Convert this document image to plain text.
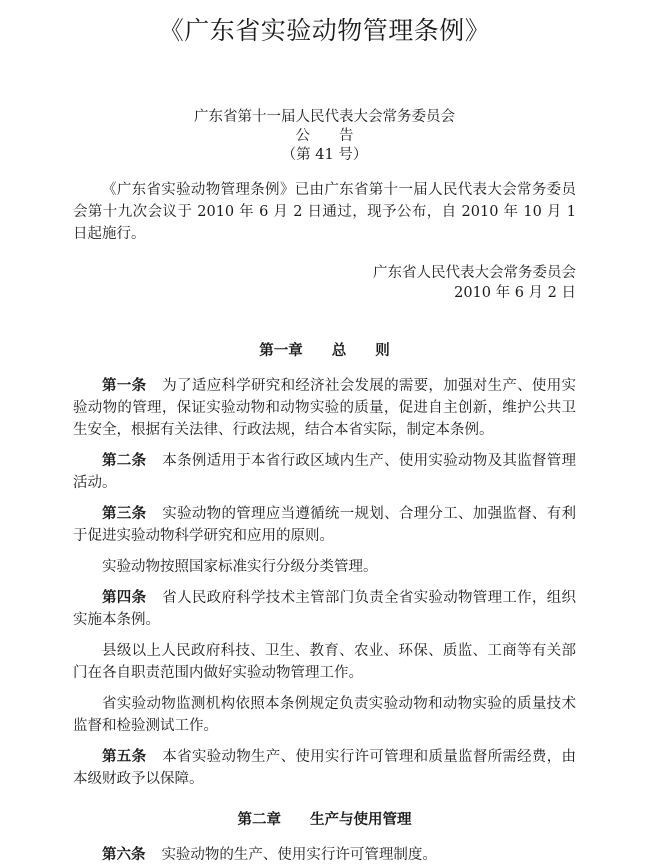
《广东省实验动物管理条例》
广东省第十一届人民代表大会常务委员会
公　　告
（第 41 号）
《广东省实验动物管理条例》已由广东省第十一届人民代表大会常务委员会第十九次会议于 2010 年 6 月 2 日通过，现予公布，自 2010 年 10 月 1 日起施行。
广东省人民代表大会常务委员会
2010 年 6 月 2 日
第一章　　总　　则

第一条 为了适应科学研究和经济社会发展的需要，加强对生产、使用实验动物的管理，保证实验动物和动物实验的质量，促进自主创新，维护公共卫生安全，根据有关法律、行政法规，结合本省实际，制定本条例。

第二条 本条例适用于本省行政区域内生产、使用实验动物及其监督管理活动。

第三条 实验动物的管理应当遵循统一规划、合理分工、加强监督、有利于促进实验动物科学研究和应用的原则。

实验动物按照国家标准实行分级分类管理。

第四条 省人民政府科学技术主管部门负责全省实验动物管理工作，组织实施本条例。

县级以上人民政府科技、卫生、教育、农业、环保、质监、工商等有关部门在各自职责范围内做好实验动物管理工作。

省实验动物监测机构依照本条例规定负责实验动物和动物实验的质量技术监督和检验测试工作。

第五条 本省实验动物生产、使用实行许可管理和质量监督所需经费，由本级财政予以保障。

第二章　　生产与使用管理

第六条 实验动物的生产、使用实行许可管理制度。
